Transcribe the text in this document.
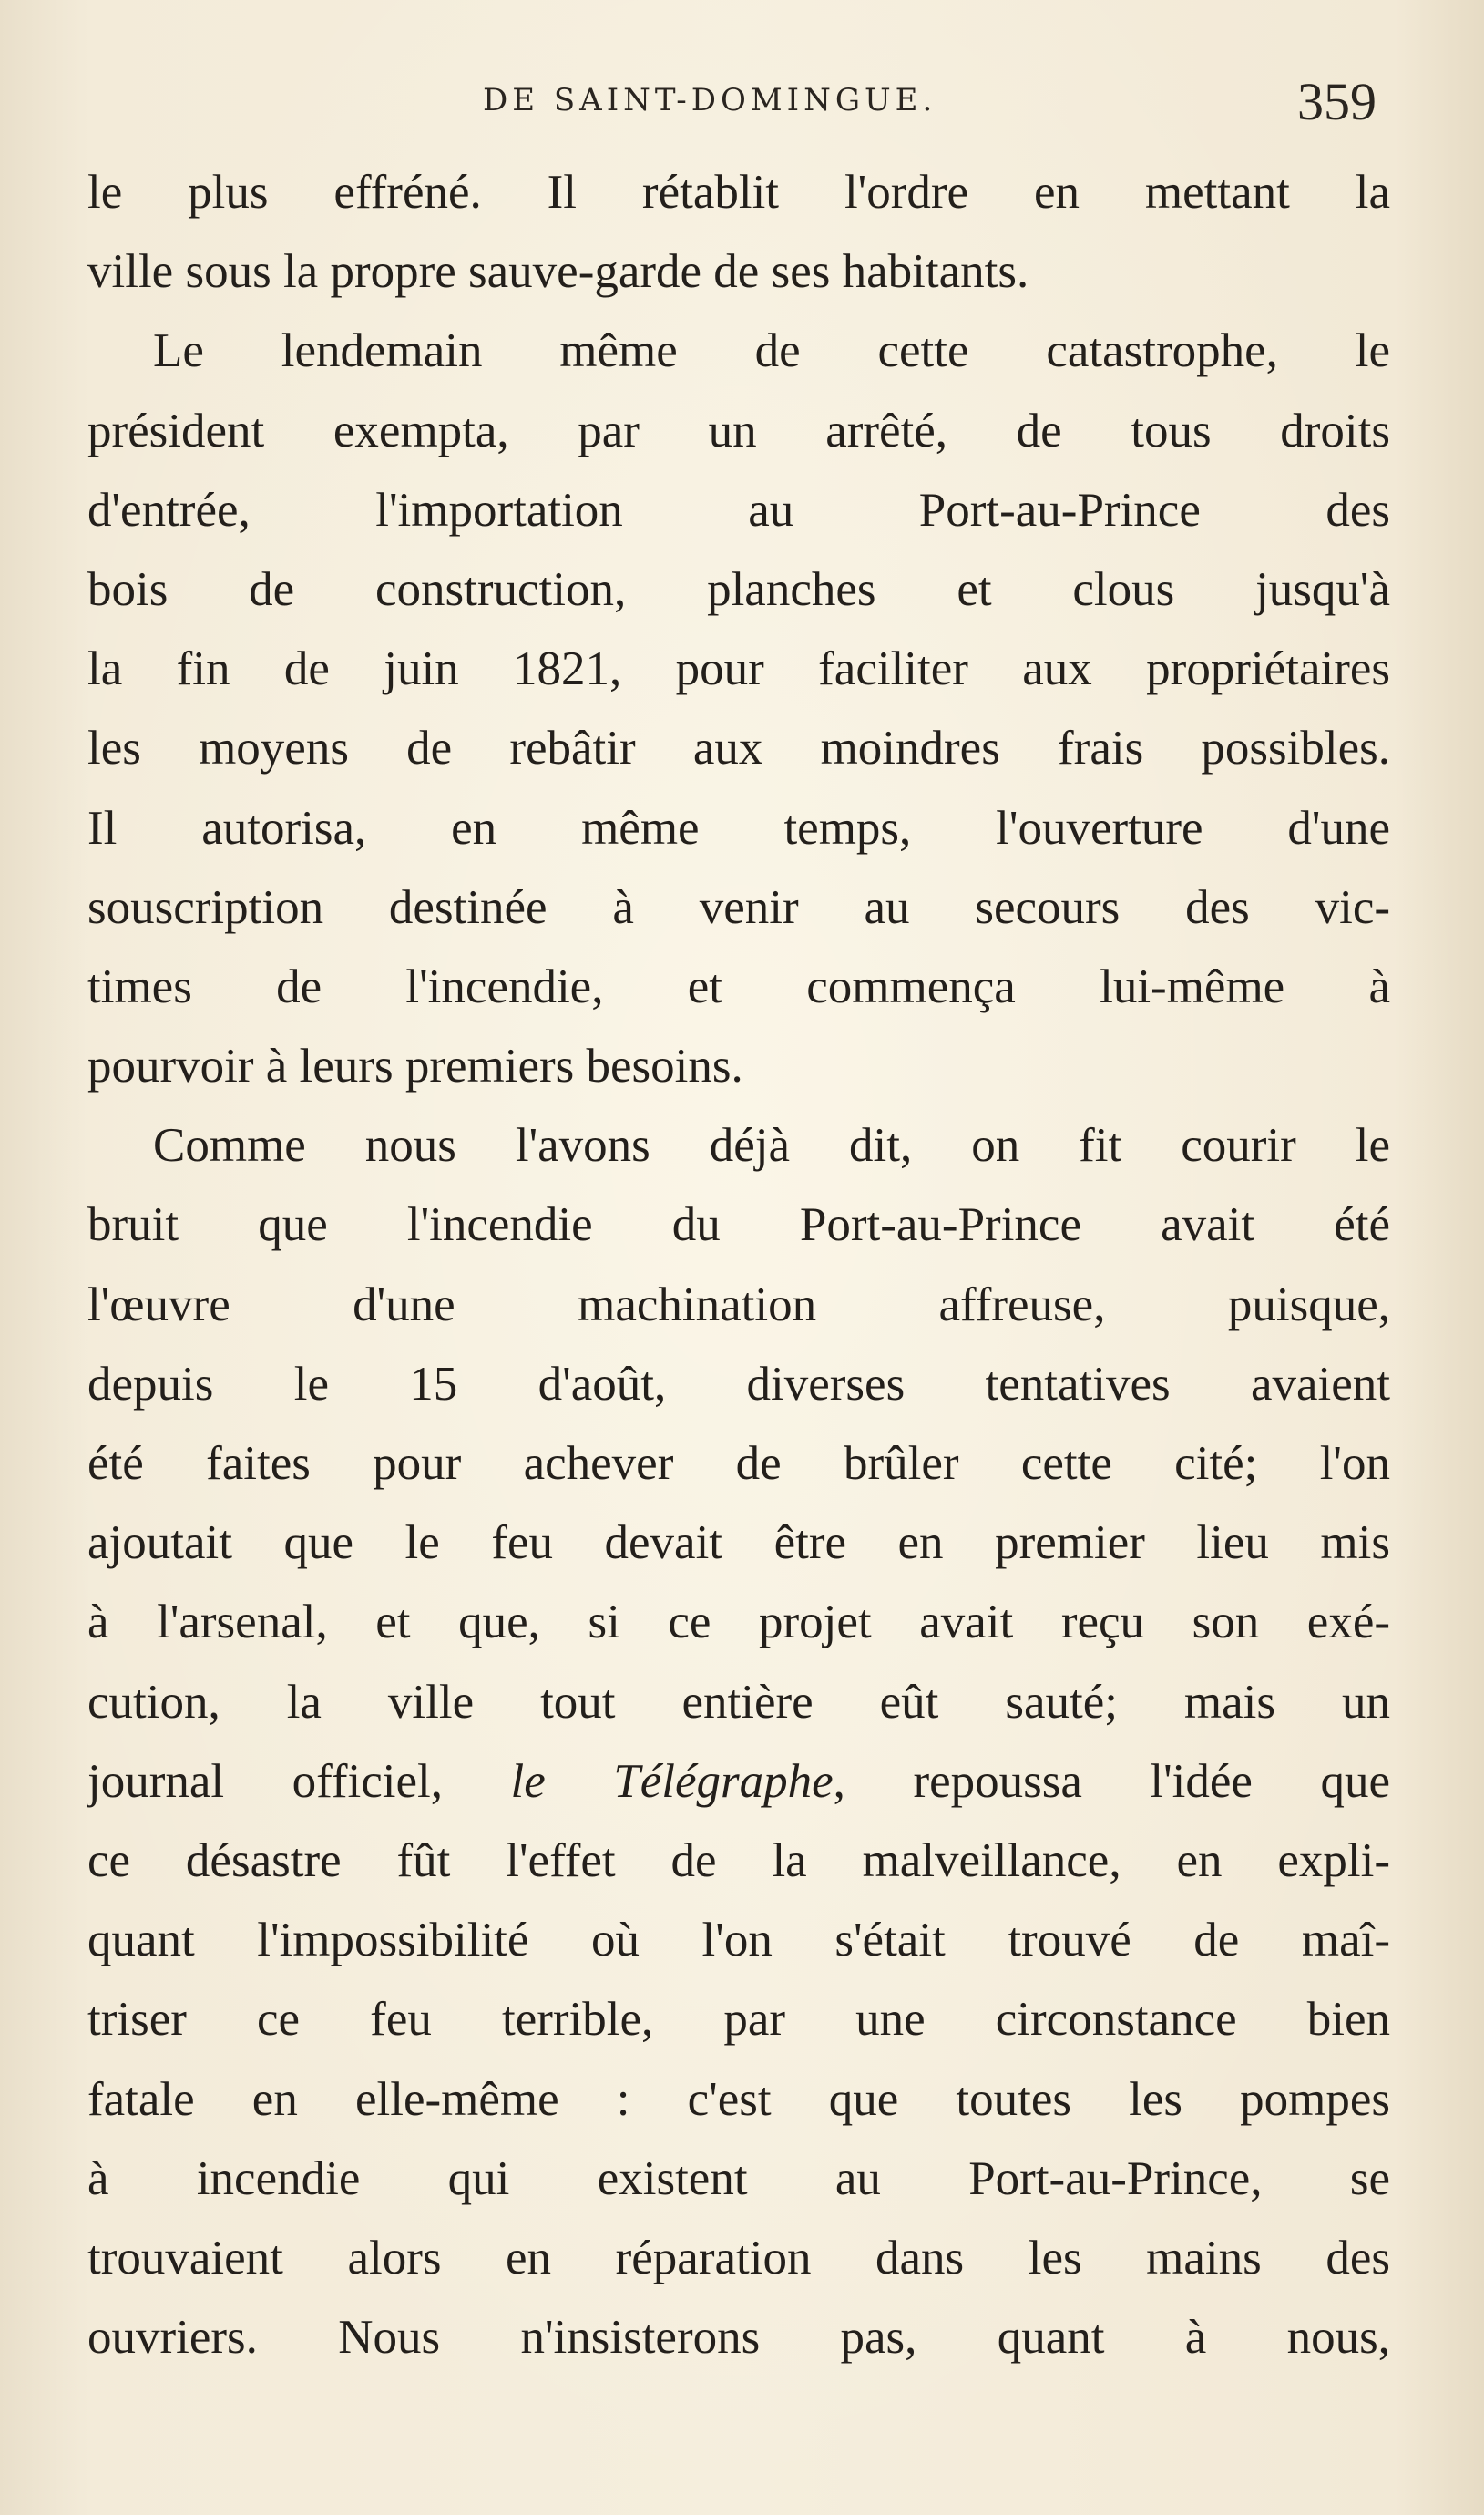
DE SAINT-DOMINGUE.	359
le plus effréné. Il rétablit l'ordre en mettant la
ville sous la propre sauve-garde de ses habitants.
Le lendemain même de cette catastrophe, le
président exempta, par un arrêté, de tous droits
d'entrée, l'importation au Port-au-Prince des
bois de construction, planches et clous jusqu'à
la fin de juin 1821, pour faciliter aux propriétaires
les moyens de rebâtir aux moindres frais possibles.
Il autorisa, en même temps, l'ouverture d'une
souscription destinée à venir au secours des vic-
times de l'incendie, et commença lui-même à
pourvoir à leurs premiers besoins.
Comme nous l'avons déjà dit, on fit courir le
bruit que l'incendie du Port-au-Prince avait été
l'œuvre d'une machination affreuse, puisque,
depuis le 15 d'août, diverses tentatives avaient
été faites pour achever de brûler cette cité; l'on
ajoutait que le feu devait être en premier lieu mis
à l'arsenal, et que, si ce projet avait reçu son exé-
cution, la ville tout entière eût sauté; mais un
journal officiel, le Télégraphe, repoussa l'idée que
ce désastre fût l'effet de la malveillance, en expli-
quant l'impossibilité où l'on s'était trouvé de maî-
triser ce feu terrible, par une circonstance bien
fatale en elle-même : c'est que toutes les pompes
à incendie qui existent au Port-au-Prince, se
trouvaient alors en réparation dans les mains des
ouvriers. Nous n'insisterons pas, quant à nous,
